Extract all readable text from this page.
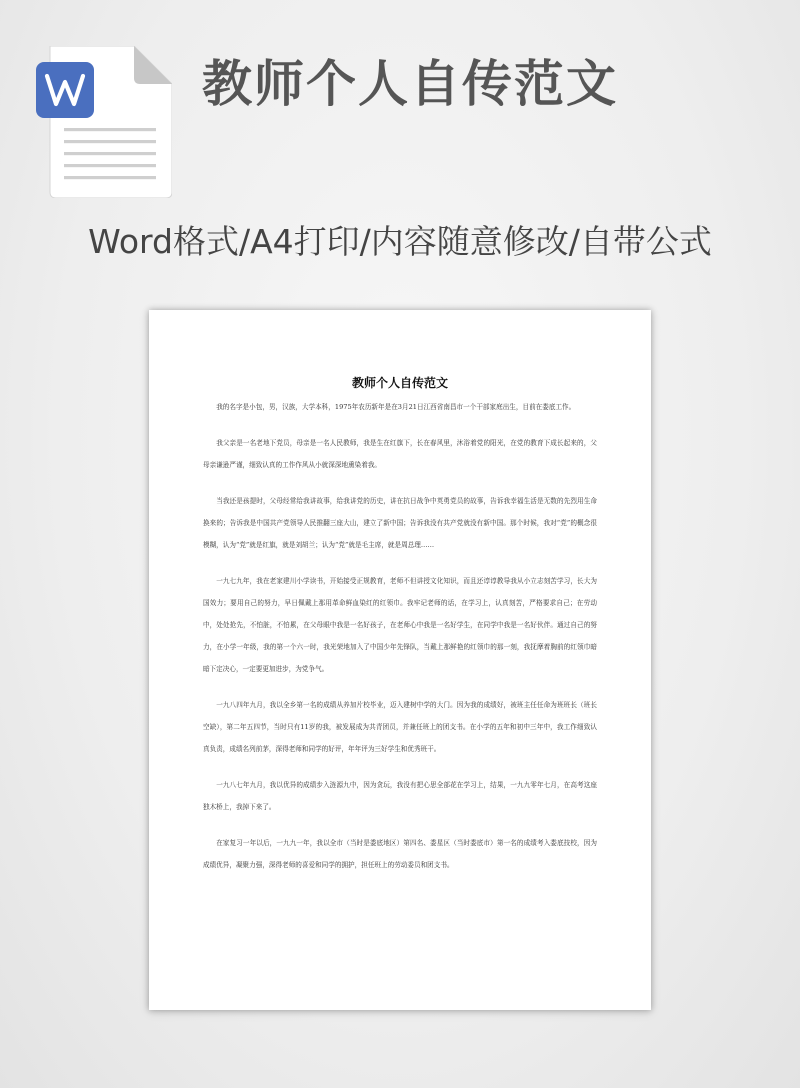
教师个人自传范文
Word格式/A4打印/内容随意修改/自带公式
教师个人自传范文

我的名字是小包，男，汉族，大学本科，1975年农历新年是在3月21日江西省南昌市一个干部家庭出生，目前在娄底工作。

我父亲是一名老地下党员，母亲是一名人民教师，我是生在红旗下，长在春风里，沐浴着党的阳光，在党的教育下成长起来的，父母亲谦逊严谨，细致认真的工作作风从小就深深地熏染着我。

当我还是孩提时，父母经常给我讲故事，给我讲党的历史，讲在抗日战争中英勇党员的故事，告诉我幸福生活是无数的先烈用生命换来的；告诉我是中国共产党领导人民推翻三座大山，建立了新中国；告诉我没有共产党就没有新中国。那个时候，我对“党”的概念很模糊，认为“党”就是红旗，就是刘胡兰；认为“党”就是毛主席，就是周总理……

一九七九年，我在老家建川小学读书，开始接受正规教育，老师不但讲授文化知识，而且还谆谆教导我从小立志刻苦学习，长大为国效力；要用自己的努力，早日佩戴上那用革命鲜血染红的红领巾。我牢记老师的话，在学习上，认真刻苦，严格要求自己；在劳动中，处处抢先，不怕脏，不怕累，在父母眼中我是一名好孩子，在老师心中我是一名好学生，在同学中我是一名好伙伴。通过自己的努力，在小学一年级，我的第一个六一时，我光荣地加入了中国少年先锋队，当戴上那鲜艳的红领巾的那一刻，我抚摩着胸前的红领巾暗暗下定决心，一定要更加进步，为党争气。

一九八四年九月，我以全乡第一名的成绩从养加片校毕业，迈入建树中学的大门。因为我的成绩好，被班主任任命为班班长（班长空缺），第二年五四节，当时只有11岁的我，被发展成为共青团员，并兼任班上的团支书。在小学的五年和初中三年中，我工作细致认真负责，成绩名列前茅，深得老师和同学的好评，年年评为三好学生和优秀班干。

一九八七年九月，我以优异的成绩步入涟源九中，因为贪玩，我没有把心思全部花在学习上，结果，一九九零年七月，在高考这座独木桥上，我掉下来了。

在家复习一年以后，一九九一年，我以全市（当时是娄底地区）第四名、娄星区（当时娄底市）第一名的成绩考入娄底技校，因为成绩优异，凝聚力强，深得老师的喜爱和同学的拥护，担任班上的劳动委员和团支书。
